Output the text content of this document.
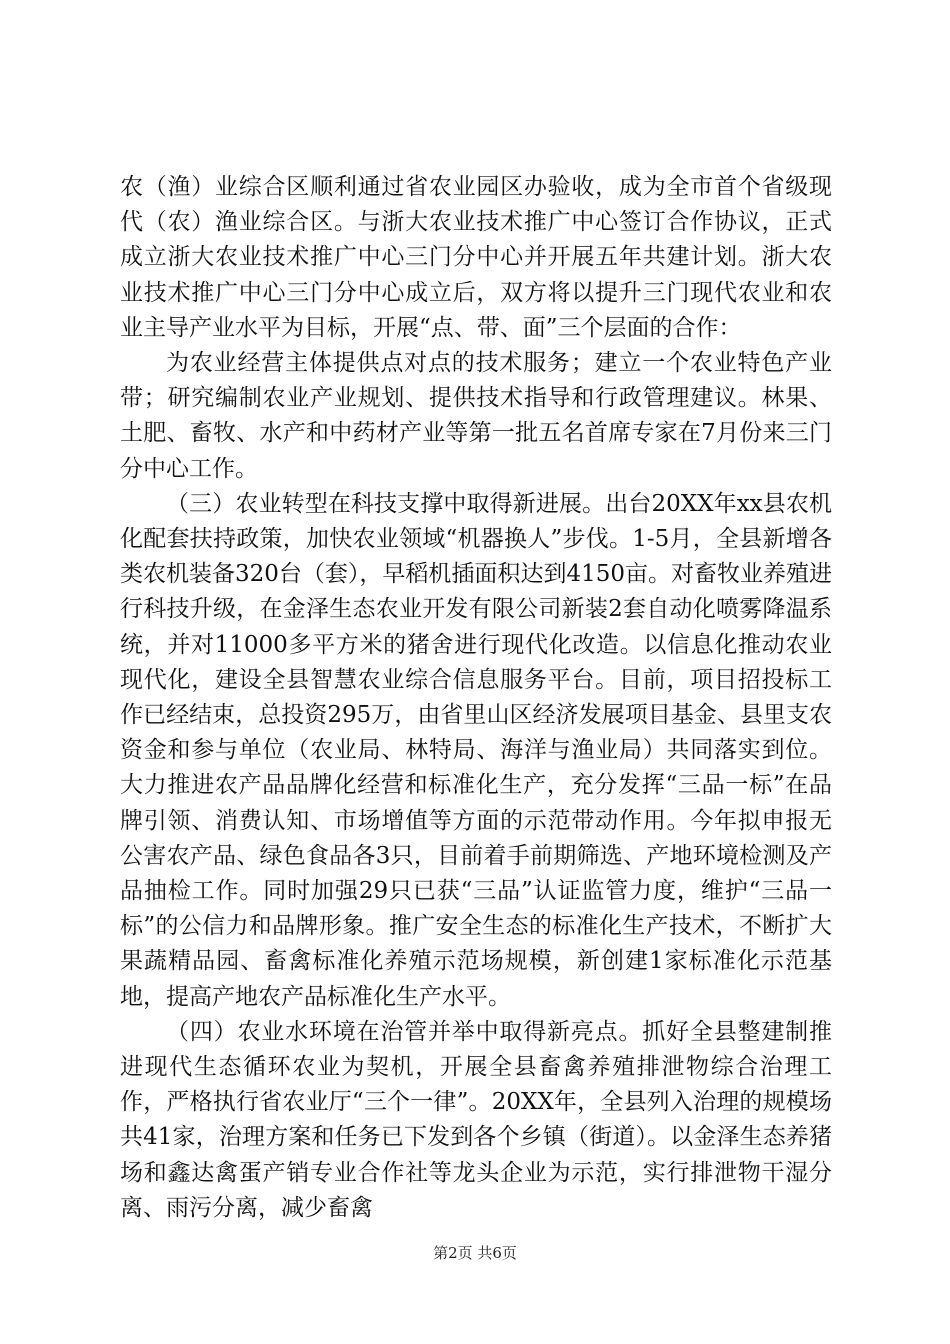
农（渔）业综合区顺利通过省农业园区办验收，成为全市首个省级现代（农）渔业综合区。与浙大农业技术推广中心签订合作协议，正式成立浙大农业技术推广中心三门分中心并开展五年共建计划。浙大农业技术推广中心三门分中心成立后，双方将以提升三门现代农业和农业主导产业水平为目标，开展“点、带、面”三个层面的合作：

为农业经营主体提供点对点的技术服务；建立一个农业特色产业带；研究编制农业产业规划、提供技术指导和行政管理建议。林果、土肥、畜牧、水产和中药材产业等第一批五名首席专家在7月份来三门分中心工作。

（三）农业转型在科技支撑中取得新进展。出台20XX年xx县农机化配套扶持政策，加快农业领域“机器换人”步伐。1-5月，全县新增各类农机装备320台（套），早稻机插面积达到4150亩。对畜牧业养殖进行科技升级，在金泽生态农业开发有限公司新装2套自动化喷雾降温系统，并对11000多平方米的猪舍进行现代化改造。以信息化推动农业现代化，建设全县智慧农业综合信息服务平台。目前，项目招投标工作已经结束，总投资295万，由省里山区经济发展项目基金、县里支农资金和参与单位（农业局、林特局、海洋与渔业局）共同落实到位。大力推进农产品品牌化经营和标准化生产，充分发挥“三品一标”在品牌引领、消费认知、市场增值等方面的示范带动作用。今年拟申报无公害农产品、绿色食品各3只，目前着手前期筛选、产地环境检测及产品抽检工作。同时加强29只已获“三品”认证监管力度，维护“三品一标”的公信力和品牌形象。推广安全生态的标准化生产技术，不断扩大果蔬精品园、畜禽标准化养殖示范场规模，新创建1家标准化示范基地，提高产地农产品标准化生产水平。

（四）农业水环境在治管并举中取得新亮点。抓好全县整建制推进现代生态循环农业为契机，开展全县畜禽养殖排泄物综合治理工作，严格执行省农业厅“三个一律”。20XX年，全县列入治理的规模场共41家，治理方案和任务已下发到各个乡镇（街道）。以金泽生态养猪场和鑫达禽蛋产销专业合作社等龙头企业为示范，实行排泄物干湿分离、雨污分离，减少畜禽

第2页 共6页
